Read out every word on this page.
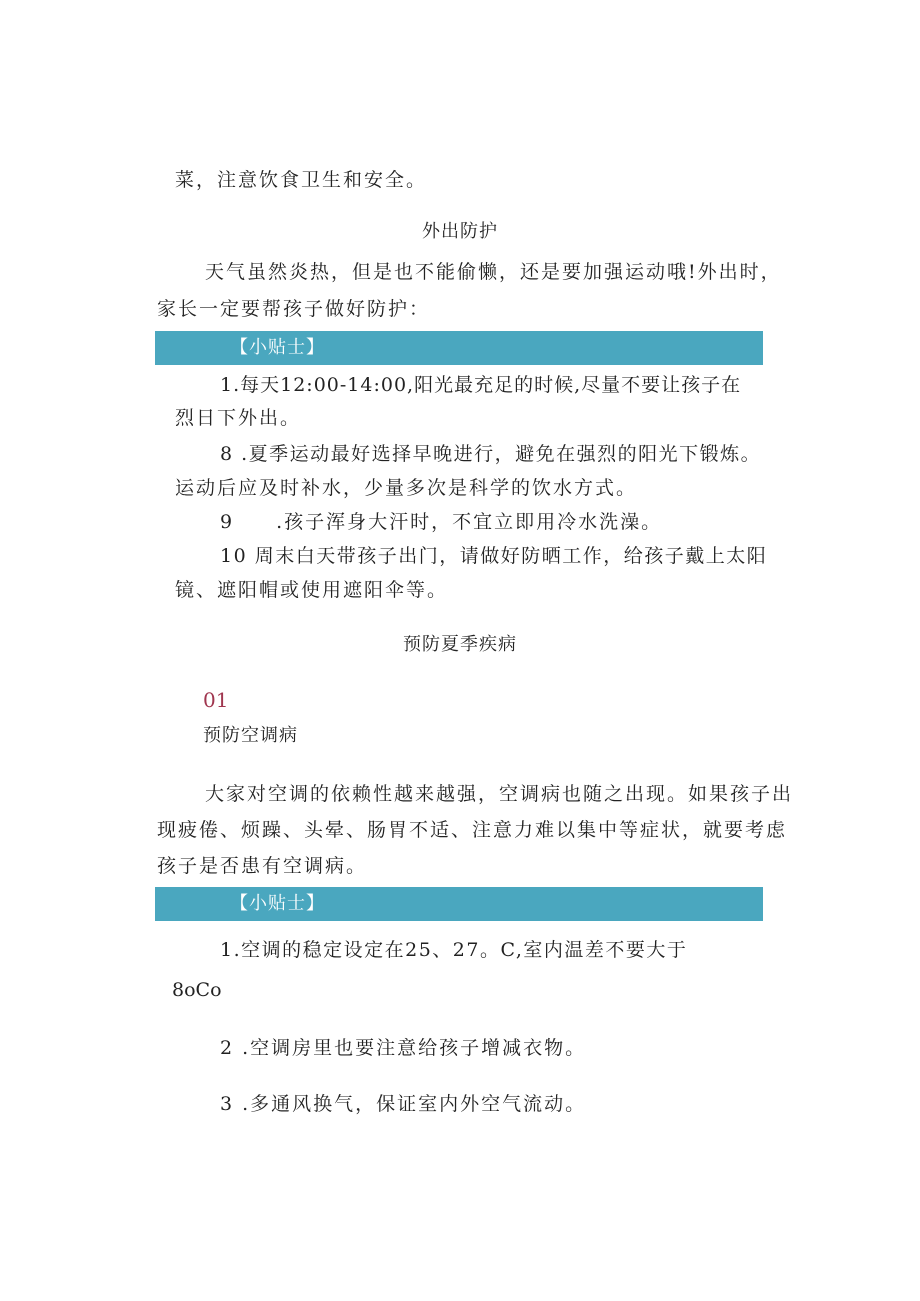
菜，注意饮食卫生和安全。
外出防护
天气虽然炎热，但是也不能偷懒，还是要加强运动哦!外出时，
家长一定要帮孩子做好防护：
【小贴士】
1.每天12:00-14:00,阳光最充足的时候,尽量不要让孩子在
烈日下外出。
8 .夏季运动最好选择早晚进行，避免在强烈的阳光下锻炼。
运动后应及时补水，少量多次是科学的饮水方式。
9　　.孩子浑身大汗时，不宜立即用冷水洗澡。
10 周末白天带孩子出门，请做好防晒工作，给孩子戴上太阳
镜、遮阳帽或使用遮阳伞等。
预防夏季疾病
01
预防空调病
大家对空调的依赖性越来越强，空调病也随之出现。如果孩子出
现疲倦、烦躁、头晕、肠胃不适、注意力难以集中等症状，就要考虑
孩子是否患有空调病。
【小贴士】
1.空调的稳定设定在25、27。C,室内温差不要大于
8oCo
2 .空调房里也要注意给孩子增减衣物。
3 .多通风换气，保证室内外空气流动。
